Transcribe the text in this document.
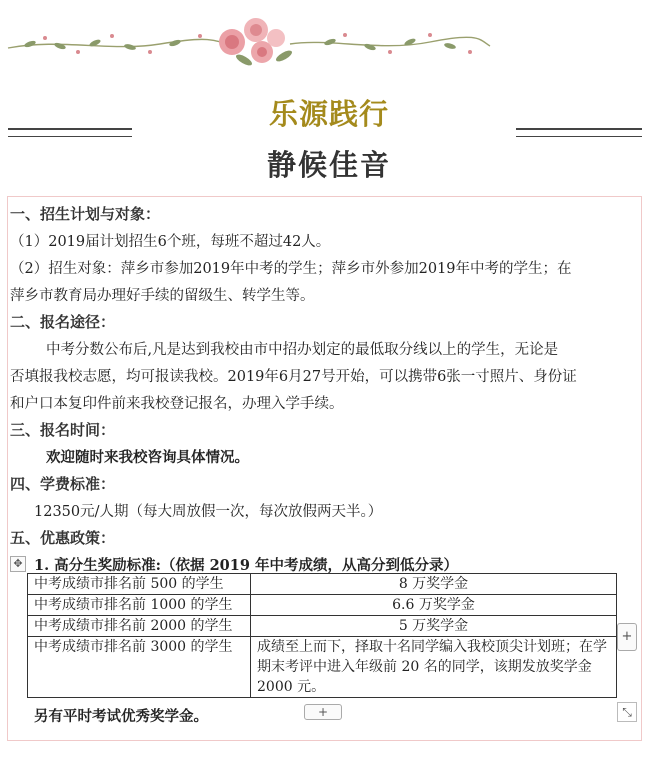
乐源践行
静候佳音
一、招生计划与对象：
（1）2019届计划招生6个班，每班不超过42人。
（2）招生对象：萍乡市参加2019年中考的学生；萍乡市外参加2019年中考的学生；在
萍乡市教育局办理好手续的留级生、转学生等。
二、报名途径：
中考分数公布后,凡是达到我校由市中招办划定的最低取分线以上的学生，无论是
否填报我校志愿，均可报读我校。2019年6月27号开始，可以携带6张一寸照片、身份证
和户口本复印件前来我校登记报名，办理入学手续。
三、报名时间：
欢迎随时来我校咨询具体情况。
四、学费标准：
12350元/人期（每大周放假一次，每次放假两天半。）
五、优惠政策：
✥ 1. 高分生奖励标准:（依据 2019 年中考成绩，从高分到低分录）
中考成绩市排名前 500 的学生	8 万奖学金
中考成绩市排名前 1000 的学生	6.6 万奖学金
中考成绩市排名前 2000 的学生	5 万奖学金
中考成绩市排名前 3000 的学生	成绩至上而下，择取十名同学编入我校顶尖计划班；在学期末考评中进入年级前 20 名的同学，该期发放奖学金 2000 元。
+
另有平时考试优秀奖学金。	+	⤡
